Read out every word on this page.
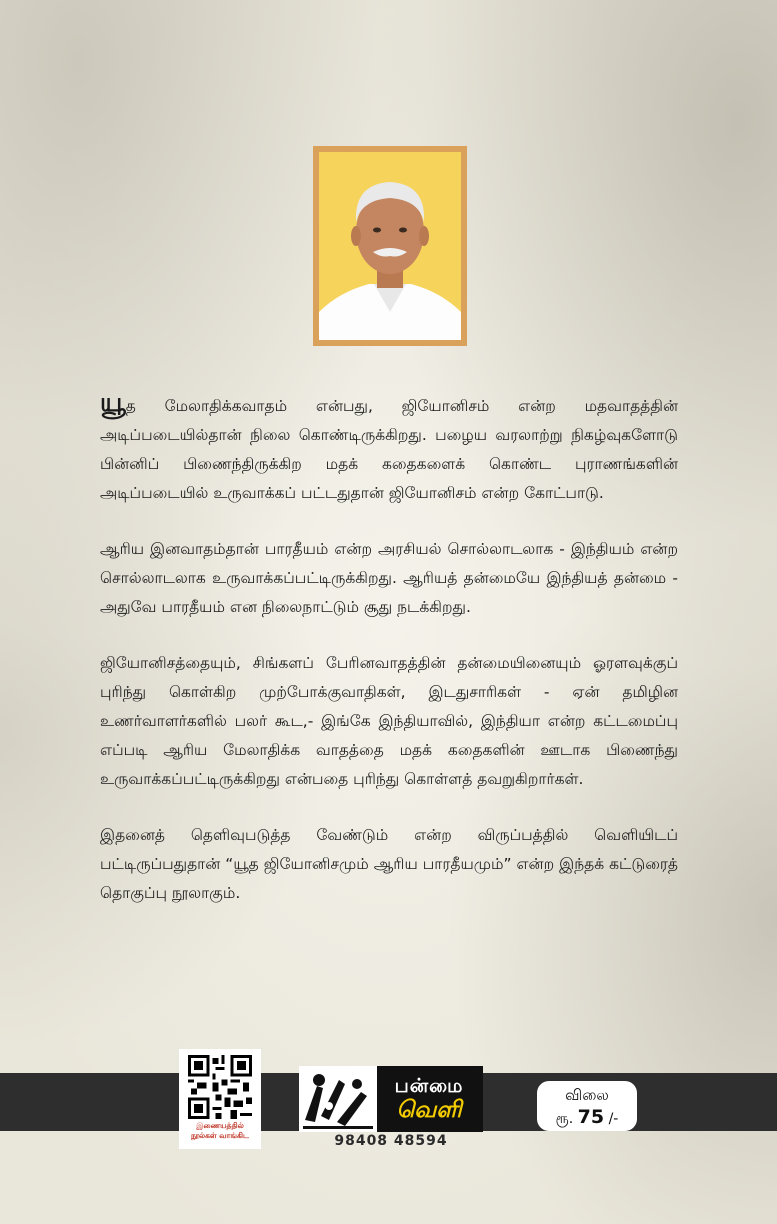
யூத மேலாதிக்கவாதம் என்பது, ஜியோனிசம் என்ற மதவாதத்தின் அடிப்படையில்தான் நிலை கொண்டிருக்கிறது. பழைய வரலாற்று நிகழ்வுகளோடு பின்னிப் பிணைந்திருக்கிற மதக் கதைகளைக் கொண்ட புராணங்களின் அடிப்படையில் உருவாக்கப் பட்டதுதான் ஜியோனிசம் என்ற கோட்பாடு.

ஆரிய இனவாதம்தான் பாரதீயம் என்ற அரசியல் சொல்லாடலாக - இந்தியம் என்ற சொல்லாடலாக உருவாக்கப்பட்டிருக்கிறது. ஆரியத் தன்மையே இந்தியத் தன்மை - அதுவே பாரதீயம் என நிலைநாட்டும் சூது நடக்கிறது.

ஜியோனிசத்தையும், சிங்களப் பேரினவாதத்தின் தன்மையினையும் ஓரளவுக்குப் புரிந்து கொள்கிற முற்போக்குவாதிகள், இடதுசாரிகள் - ஏன் தமிழின உணர்வாளர்களில் பலர் கூட,- இங்கே இந்தியாவில், இந்தியா என்ற கட்டமைப்பு எப்படி ஆரிய மேலாதிக்க வாதத்தை மதக் கதைகளின் ஊடாக பிணைந்து உருவாக்கப்பட்டிருக்கிறது என்பதை புரிந்து கொள்ளத் தவறுகிறார்கள்.

இதனைத் தெளிவுபடுத்த வேண்டும் என்ற விருப்பத்தில் வெளியிடப் பட்டிருப்பதுதான் “யூத ஜியோனிசமும் ஆரிய பாரதீயமும்” என்ற இந்தக் கட்டுரைத் தொகுப்பு நூலாகும்.

இணையத்தில்
நூல்கள் வாங்கிட
பன்மை
வெளி
98408 48594
விலை
ரூ. 75 /-
